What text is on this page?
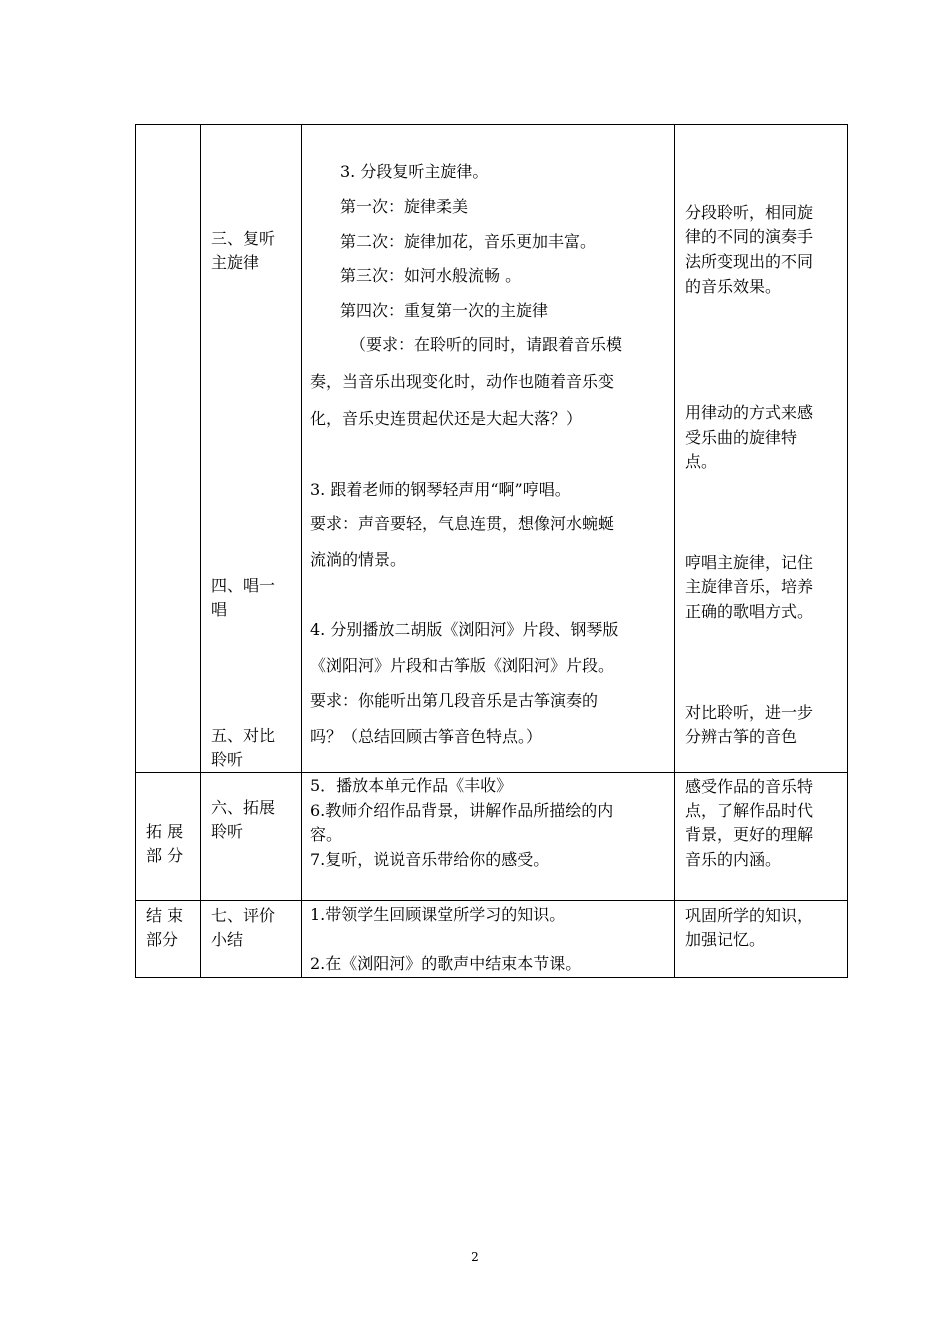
三、复听
主旋律
四、唱一
唱
五、对比
聆听
3. 分段复听主旋律。
第一次：旋律柔美
第二次：旋律加花，音乐更加丰富。
第三次：如河水般流畅 。
第四次：重复第一次的主旋律
（要求：在聆听的同时，请跟着音乐模
奏，当音乐出现变化时，动作也随着音乐变
化，音乐史连贯起伏还是大起大落？）
3. 跟着老师的钢琴轻声用“啊”哼唱。
要求：声音要轻，气息连贯，想像河水蜿蜒
流淌的情景。
4. 分别播放二胡版《浏阳河》片段、钢琴版
《浏阳河》片段和古筝版《浏阳河》片段。
要求：你能听出第几段音乐是古筝演奏的
吗？（总结回顾古筝音色特点。）
分段聆听，相同旋
律的不同的演奏手
法所变现出的不同
的音乐效果。
用律动的方式来感
受乐曲的旋律特
点。
哼唱主旋律，记住
主旋律音乐，培养
正确的歌唱方式。
对比聆听，进一步
分辨古筝的音色
拓 展
部 分
六、拓展
聆听
5．播放本单元作品《丰收》
6.教师介绍作品背景，讲解作品所描绘的内
容。
7.复听，说说音乐带给你的感受。
感受作品的音乐特
点，了解作品时代
背景，更好的理解
音乐的内涵。
结 束
部分
七、评价
小结
1.带领学生回顾课堂所学习的知识。
2.在《浏阳河》的歌声中结束本节课。
巩固所学的知识，
加强记忆。
2
